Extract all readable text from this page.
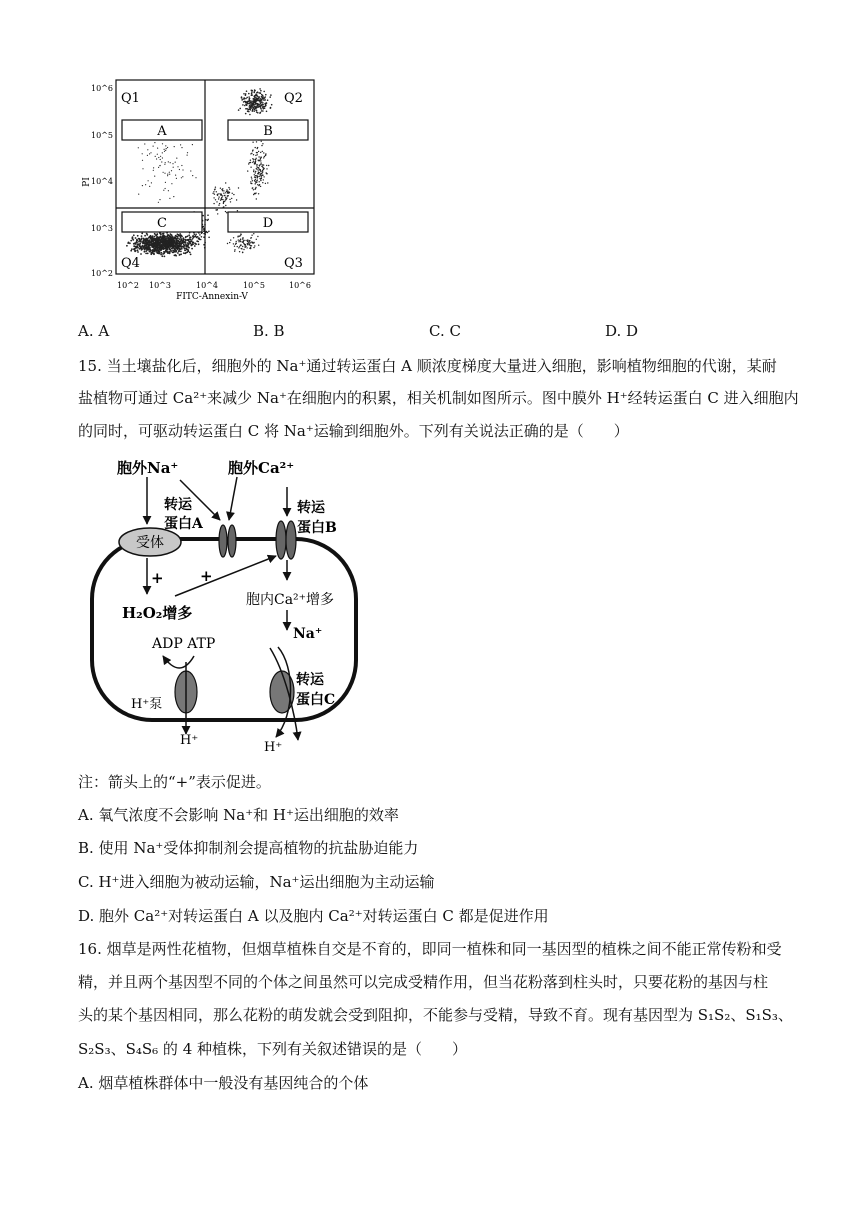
A	B
C	D
Q1	Q2
Q3
Q4
PI
FITC-Annexin-V
10^6
10^5
10^4
10^3
10^2
10^2 10^3	10^4	10^5	10^6
A. A	B. B	C. C	D. D
15. 当土壤盐化后，细胞外的 Na⁺通过转运蛋白 A 顺浓度梯度大量进入细胞，影响植物细胞的代谢，某耐
盐植物可通过 Ca²⁺来减少 Na⁺在细胞内的积累，相关机制如图所示。图中膜外 H⁺经转运蛋白 C 进入细胞内
的同时，可驱动转运蛋白 C 将 Na⁺运输到细胞外。下列有关说法正确的是（　　）
受体
胞外Na⁺	胞外Ca²⁺
转运
蛋白A
转运
蛋白B
+ +
H₂O₂增多
胞内Ca²⁺增多
Na⁺
ADP ATP
H⁺泵
转运
蛋白C
H⁺	H⁺
注：箭头上的“+”表示促进。
A. 氧气浓度不会影响 Na⁺和 H⁺运出细胞的效率
B. 使用 Na⁺受体抑制剂会提高植物的抗盐胁迫能力
C. H⁺进入细胞为被动运输，Na⁺运出细胞为主动运输
D. 胞外 Ca²⁺对转运蛋白 A 以及胞内 Ca²⁺对转运蛋白 C 都是促进作用
16. 烟草是两性花植物，但烟草植株自交是不育的，即同一植株和同一基因型的植株之间不能正常传粉和受
精，并且两个基因型不同的个体之间虽然可以完成受精作用，但当花粉落到柱头时，只要花粉的基因与柱
头的某个基因相同，那么花粉的萌发就会受到阻抑，不能参与受精，导致不育。现有基因型为 S₁S₂、S₁S₃、
S₂S₃、S₄S₆ 的 4 种植株，下列有关叙述错误的是（　　）
A. 烟草植株群体中一般没有基因纯合的个体
